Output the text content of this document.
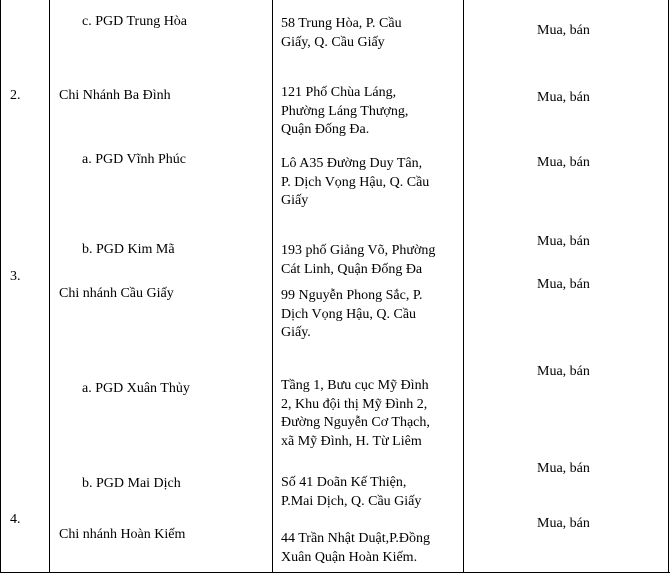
c. PGD Trung Hòa	58 Trung Hòa, P. Cầu
Giấy, Q. Cầu Giấy
Mua, bán
2.	Chi Nhánh Ba Đình	121 Phố Chùa Láng,
Phường Láng Thượng,
Quận Đống Đa.
Mua, bán
a. PGD Vĩnh Phúc	Lô A35 Đường Duy Tân,
P. Dịch Vọng Hậu, Q. Cầu
Giấy
Mua, bán
b. PGD Kim Mã	193 phố Giảng Võ, Phường
Cát Linh, Quận Đống Đa
Mua, bán
3.
Chi nhánh Cầu Giấy	99 Nguyễn Phong Sắc, P.
Dịch Vọng Hậu, Q. Cầu
Giấy.
Mua, bán
a. PGD Xuân Thủy	Tầng 1, Bưu cục Mỹ Đình
2, Khu đội thị Mỹ Đình 2,
Đường Nguyễn Cơ Thạch,
xã Mỹ Đình, H. Từ Liêm
Mua, bán
b. PGD Mai Dịch	Số 41 Doãn Kế Thiện,
P.Mai Dịch, Q. Cầu Giấy
Mua, bán
4.
Chi nhánh Hoàn Kiếm	44 Trần Nhật Duật,P.Đồng
Xuân Quận Hoàn Kiếm.
Mua, bán
